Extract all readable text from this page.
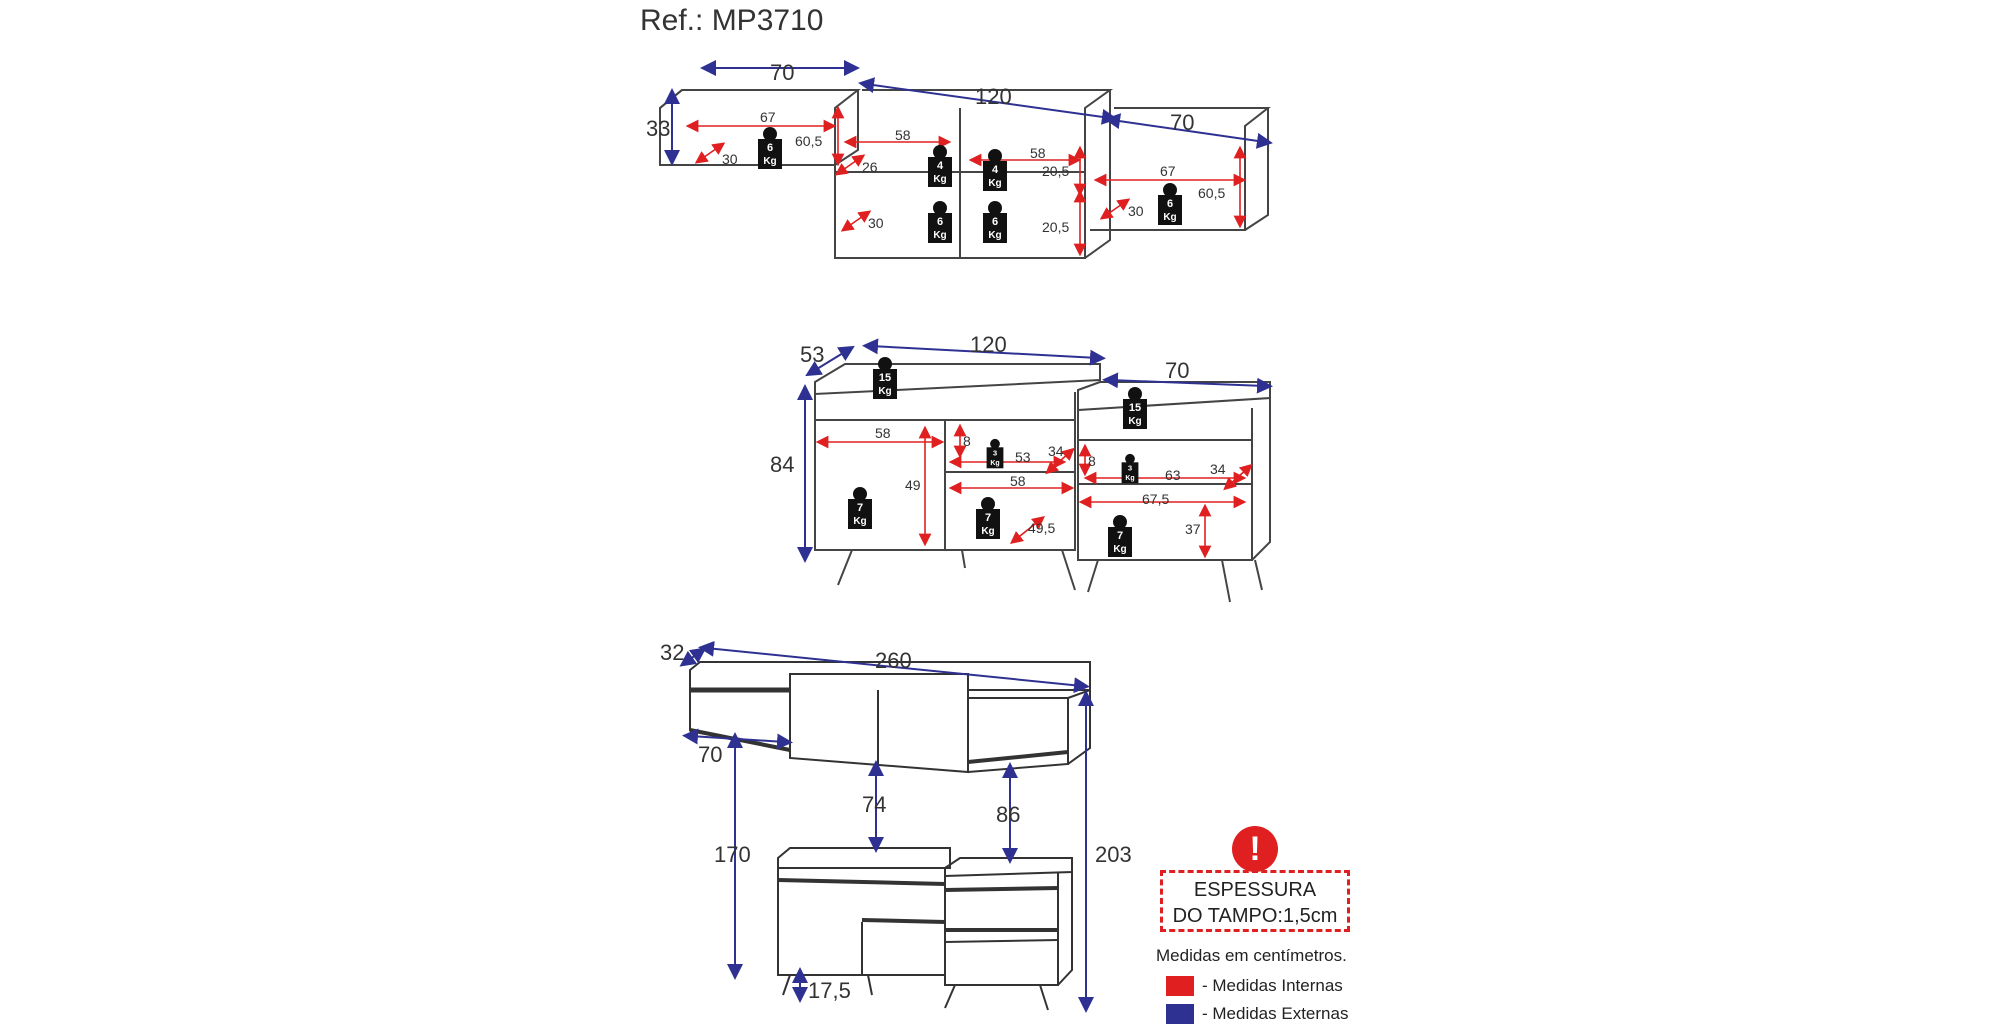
Ref.: MP3710
70
120
70
33	67
60,5
30
58
58
26	20,5
20,5
30
67
60,5
30
53	120
70
84
58
49
8
53 34
58
49,5
8
63 34
67,5
37
6
Kg	4
Kg
4
Kg
6
Kg
6
Kg
6
Kg
15
Kg
15
Kg
3
Kg
3
Kg
7
Kg	7
Kg	7
Kg
32	260
70
74	86
170	203
17,5
!
ESPESSURA
DO TAMPO:1,5cm
Medidas em centímetros.
- Medidas Internas
- Medidas Externas
